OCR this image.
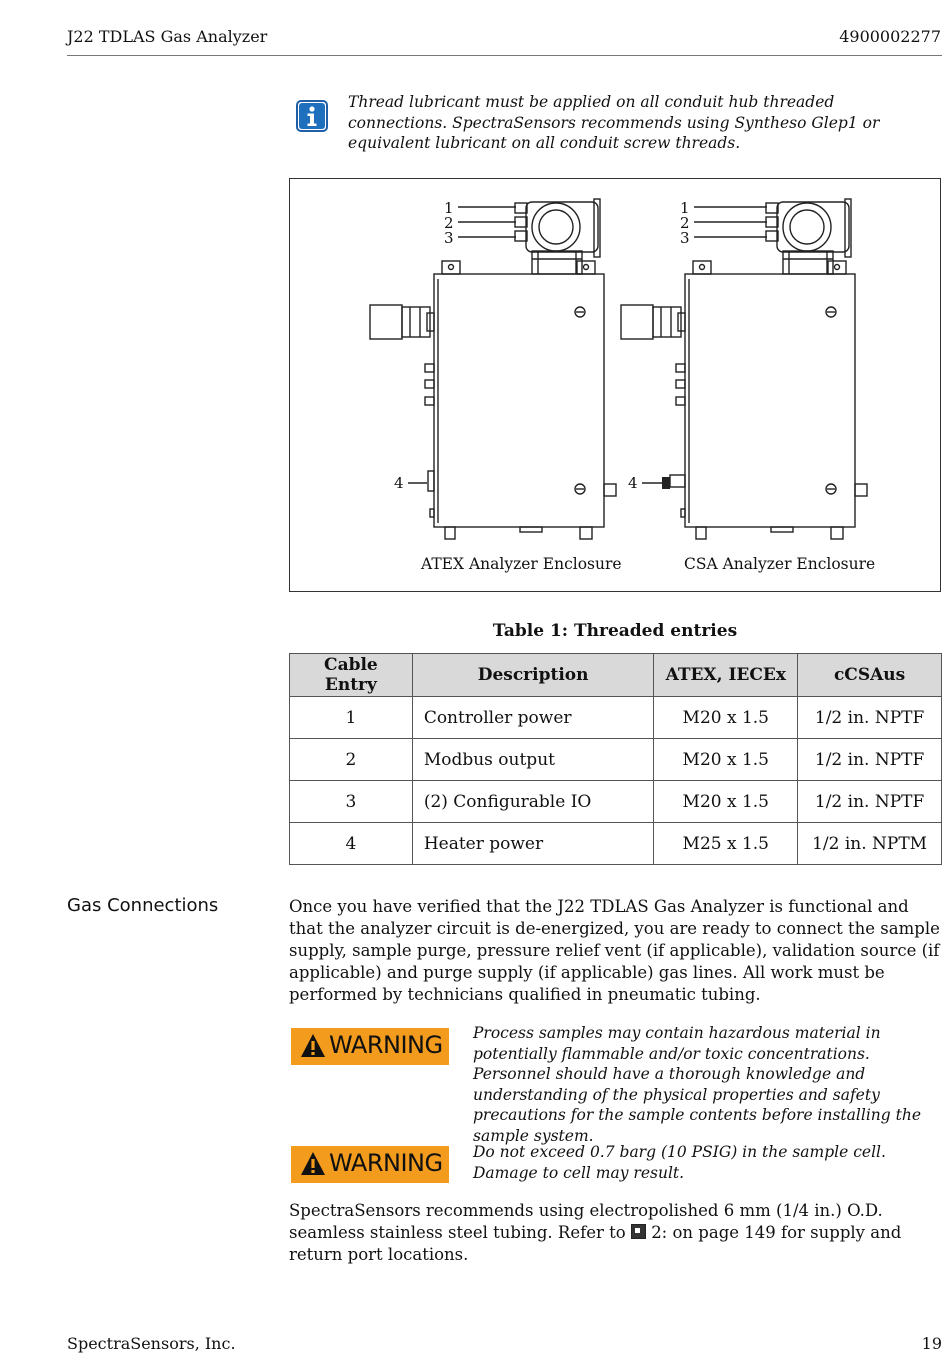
J22 TDLAS Gas Analyzer	4900002277
Thread lubricant must be applied on all conduit hub threaded connections. SpectraSensors recommends using Syntheso Glep1 or equivalent lubricant on all conduit screw threads.
1
2
3
4
1
2
3
4
ATEX Analyzer Enclosure	CSA Analyzer Enclosure
Table 1: Threaded entries
Cable Entry	Description	ATEX, IECEx	cCSAus
1	Controller power	M20 x 1.5	1/2 in. NPTF
2	Modbus output	M20 x 1.5	1/2 in. NPTF
3	(2) Configurable IO	M20 x 1.5	1/2 in. NPTF
4	Heater power	M25 x 1.5	1/2 in. NPTM
Gas Connections	Once you have verified that the J22 TDLAS Gas Analyzer is functional and that the analyzer circuit is de-energized, you are ready to connect the sample supply, sample purge, pressure relief vent (if applicable), validation source (if applicable) and purge supply (if applicable) gas lines. All work must be performed by technicians qualified in pneumatic tubing.
WARNING Process samples may contain hazardous material in potentially flammable and/or toxic concentrations. Personnel should have a thorough knowledge and understanding of the physical properties and safety precautions for the sample contents before installing the sample system.
WARNING Do not exceed 0.7 barg (10 PSIG) in the sample cell. Damage to cell may result.
SpectraSensors recommends using electropolished 6 mm (1/4 in.) O.D. seamless stainless steel tubing. Refer to 2: on page 149 for supply and return port locations.
SpectraSensors, Inc.	19
